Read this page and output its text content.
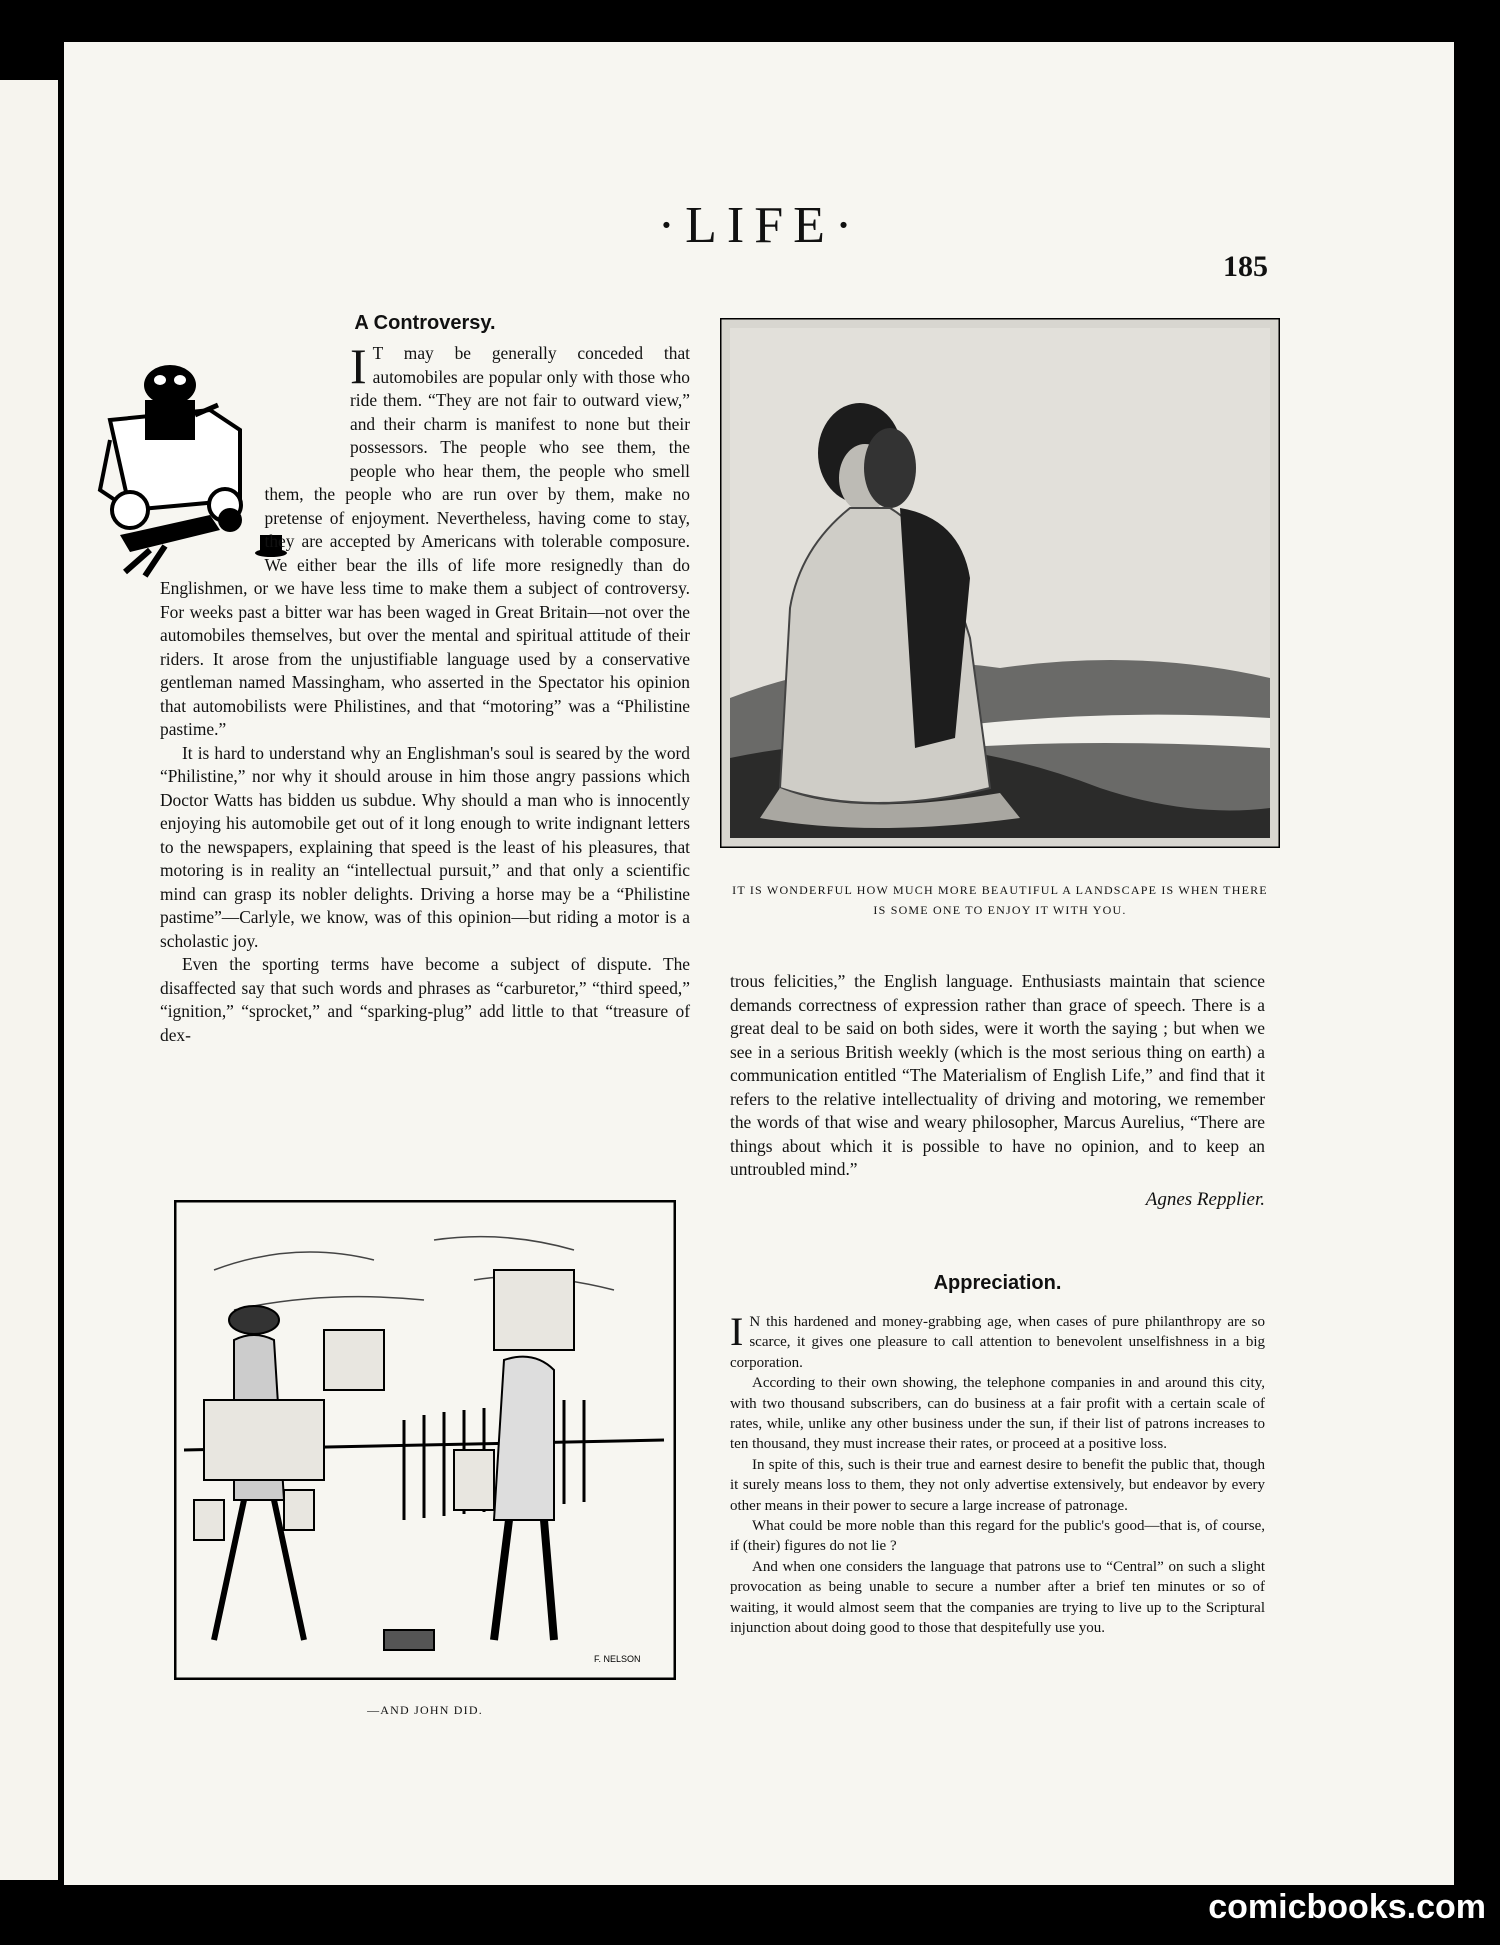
·LIFE·
185
A Controversy.

I T may be generally conceded that automobiles are popular only with those who ride them. “They are not fair to outward view,” and their charm is manifest to none but their possessors. The people who see them, the people who hear them, the people who smell them, the people who are run over by them, make no pretense of enjoyment. Nevertheless, having come to stay, they are accepted by Americans with tolerable composure. We either bear the ills of life more resignedly than do Englishmen, or we have less time to make them a subject of controversy. For weeks past a bitter war has been waged in Great Britain—not over the automobiles themselves, but over the mental and spiritual attitude of their riders. It arose from the unjustifiable language used by a conservative gentleman named Massingham, who asserted in the Spectator his opinion that automobilists were Philistines, and that “motoring” was a “Philistine pastime.”

It is hard to understand why an Englishman's soul is seared by the word “Philistine,” nor why it should arouse in him those angry passions which Doctor Watts has bidden us subdue. Why should a man who is innocently enjoying his automobile get out of it long enough to write indignant letters to the newspapers, explaining that speed is the least of his pleasures, that motoring is in reality an “intellectual pursuit,” and that only a scientific mind can grasp its nobler delights. Driving a horse may be a “Philistine pastime”—Carlyle, we know, was of this opinion—but riding a motor is a scholastic joy.

Even the sporting terms have become a subject of dispute. The disaffected say that such words and phrases as “carburetor,” “third speed,” “ignition,” “sprocket,” and “sparking-plug” add little to that “treasure of dex-

IT IS WONDERFUL HOW MUCH MORE BEAUTIFUL A LANDSCAPE IS WHEN THERE IS SOME ONE TO ENJOY IT WITH YOU.
F. NELSON
—AND JOHN DID.

trous felicities,” the English language. Enthusiasts maintain that science demands correctness of expression rather than grace of speech. There is a great deal to be said on both sides, were it worth the saying ; but when we see in a serious British weekly (which is the most serious thing on earth) a communication entitled “The Materialism of English Life,” and find that it refers to the relative intellectuality of driving and motoring, we remember the words of that wise and weary philosopher, Marcus Aurelius, “There are things about which it is possible to have no opinion, and to keep an untroubled mind.”

Agnes Repplier.
Appreciation.

I N this hardened and money-grabbing age, when cases of pure philanthropy are so scarce, it gives one pleasure to call attention to benevolent unselfishness in a big corporation.

According to their own showing, the telephone companies in and around this city, with two thousand subscribers, can do business at a fair profit with a certain scale of rates, while, unlike any other business under the sun, if their list of patrons increases to ten thousand, they must increase their rates, or proceed at a positive loss.

In spite of this, such is their true and earnest desire to benefit the public that, though it surely means loss to them, they not only advertise extensively, but endeavor by every other means in their power to secure a large increase of patronage.

What could be more noble than this regard for the public's good—that is, of course, if (their) figures do not lie ?

And when one considers the language that patrons use to “Central” on such a slight provocation as being unable to secure a number after a brief ten minutes or so of waiting, it would almost seem that the companies are trying to live up to the Scriptural injunction about doing good to those that despitefully use you.

comicbooks.com
